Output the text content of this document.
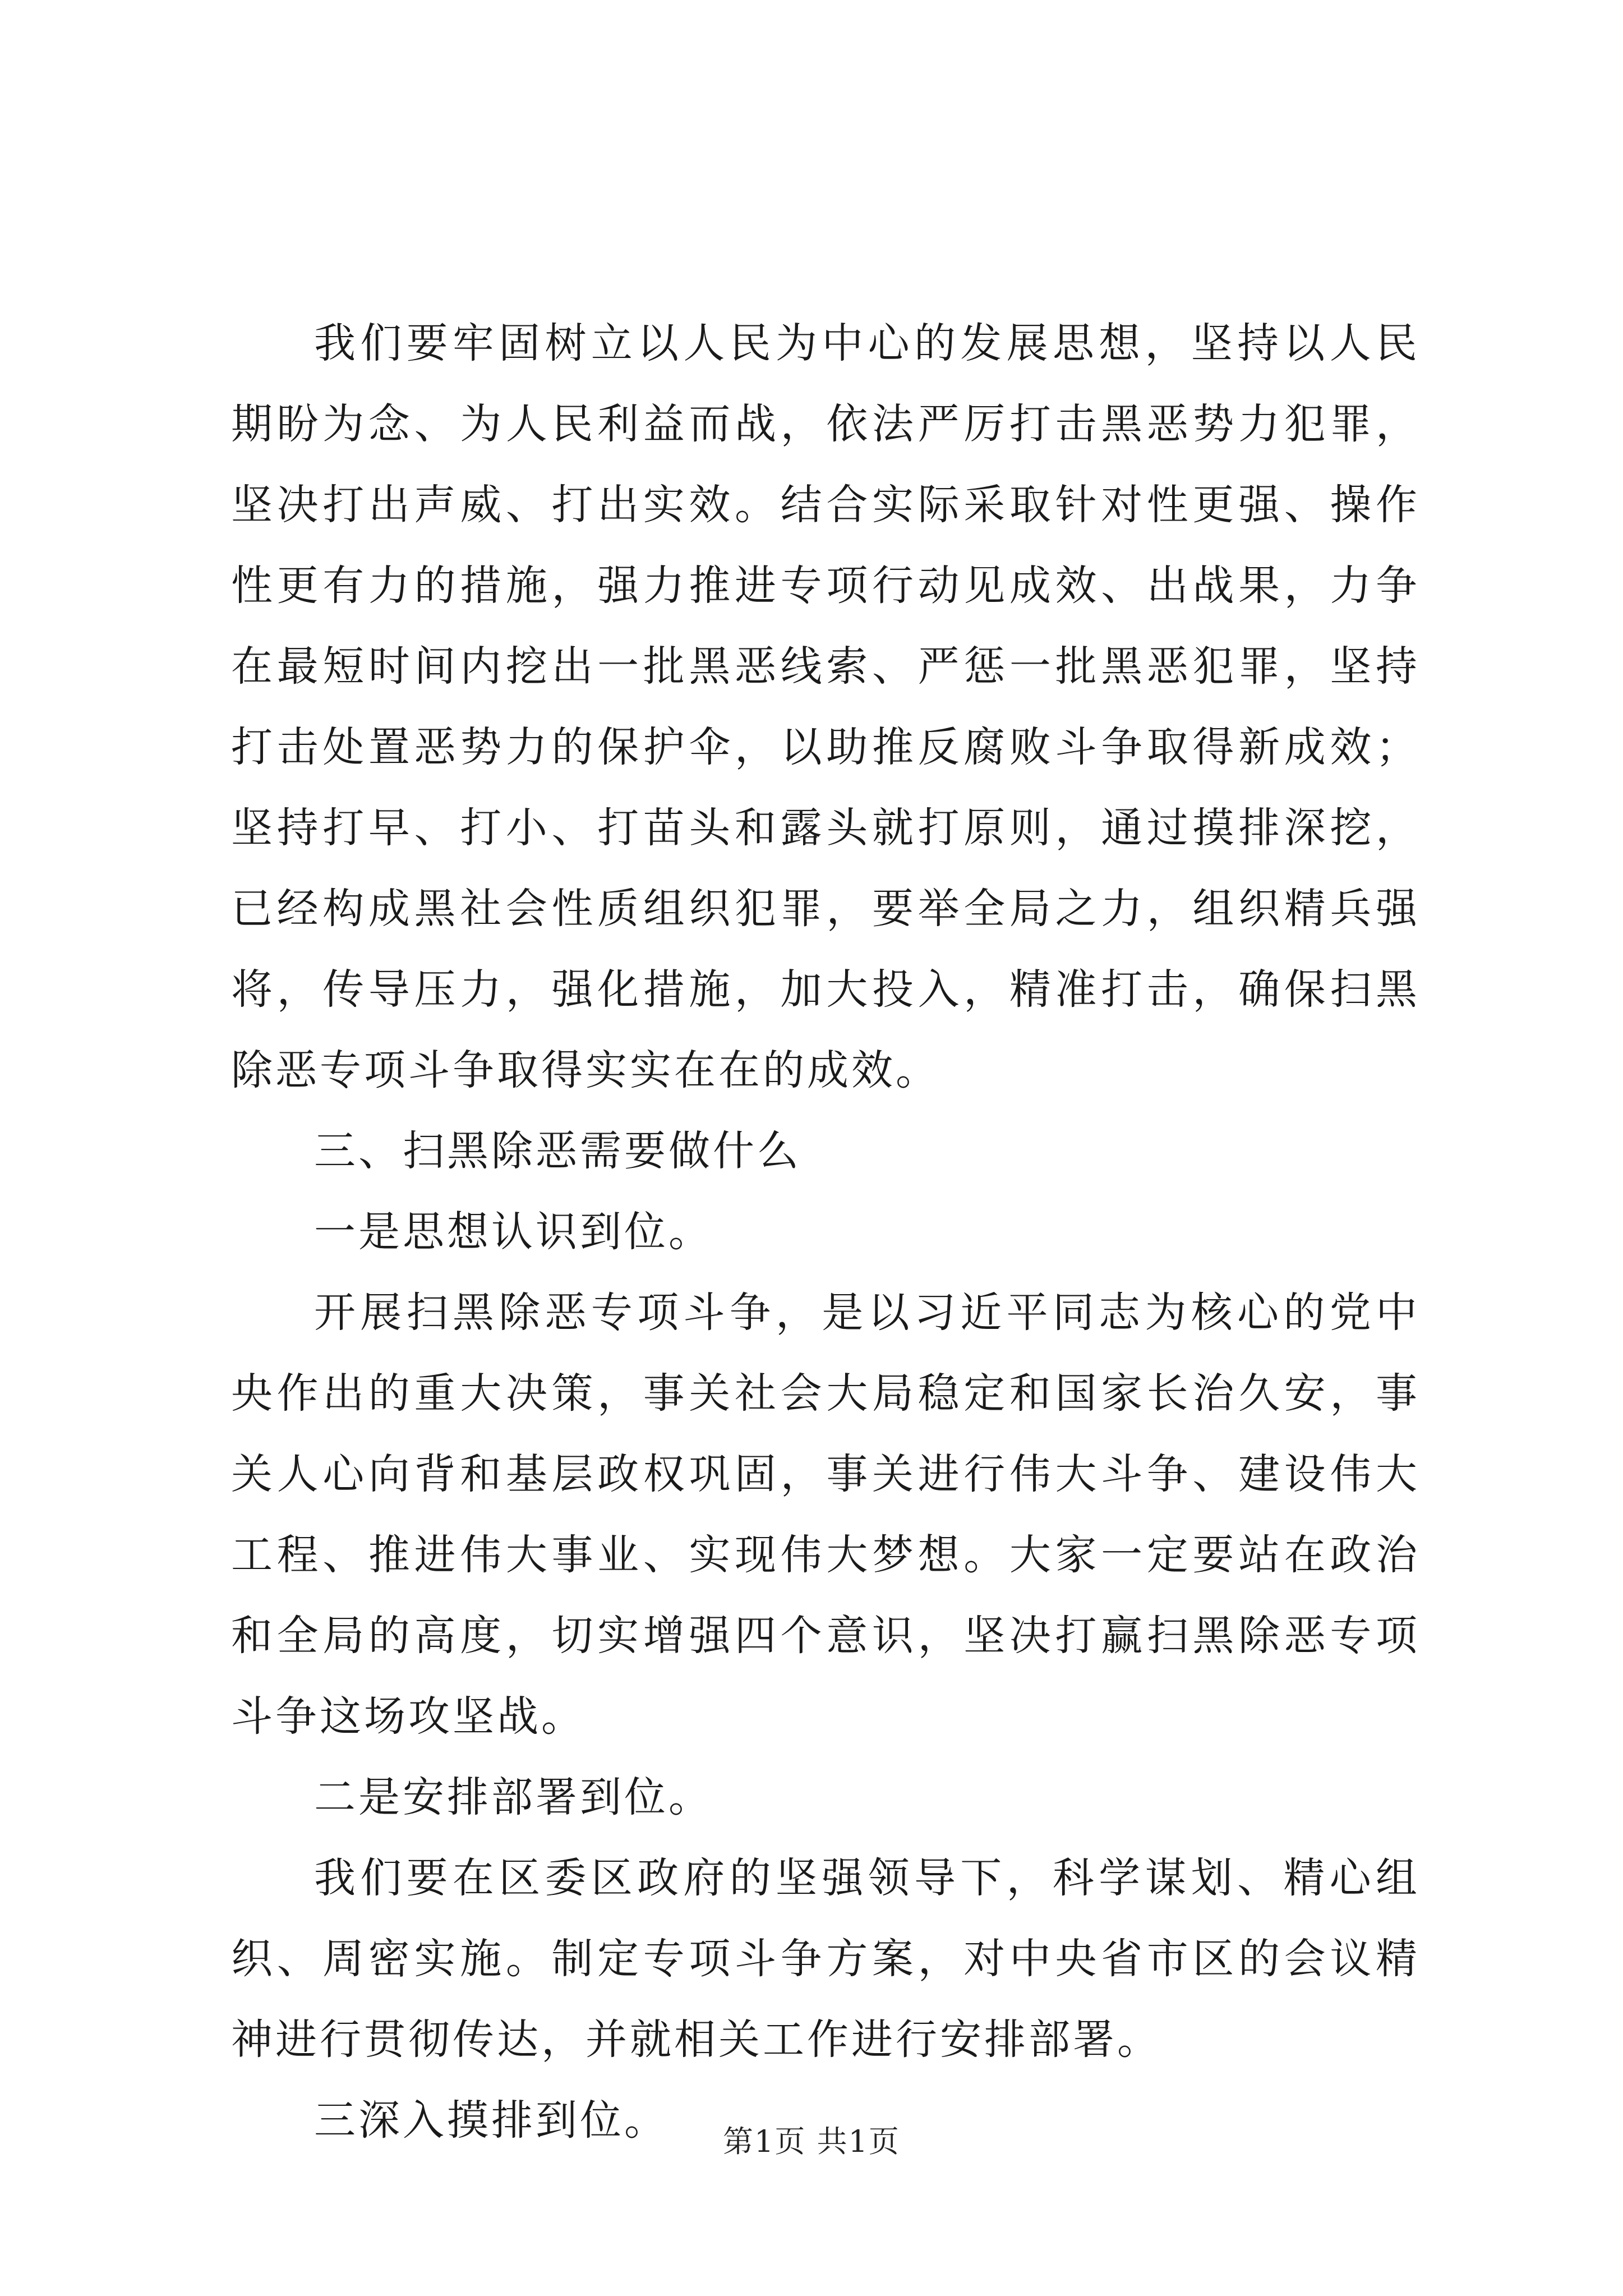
我们要牢固树立以人民为中心的发展思想，坚持以人民期盼为念、为人民利益而战，依法严厉打击黑恶势力犯罪，坚决打出声威、打出实效。结合实际采取针对性更强、操作性更有力的措施，强力推进专项行动见成效、出战果，力争在最短时间内挖出一批黑恶线索、严惩一批黑恶犯罪，坚持打击处置恶势力的保护伞，以助推反腐败斗争取得新成效；坚持打早、打小、打苗头和露头就打原则，通过摸排深挖，已经构成黑社会性质组织犯罪，要举全局之力，组织精兵强将，传导压力，强化措施，加大投入，精准打击，确保扫黑除恶专项斗争取得实实在在的成效。

三、扫黑除恶需要做什么

一是思想认识到位。

开展扫黑除恶专项斗争，是以习近平同志为核心的党中央作出的重大决策，事关社会大局稳定和国家长治久安，事关人心向背和基层政权巩固，事关进行伟大斗争、建设伟大工程、推进伟大事业、实现伟大梦想。大家一定要站在政治和全局的高度，切实增强四个意识，坚决打赢扫黑除恶专项斗争这场攻坚战。

二是安排部署到位。

我们要在区委区政府的坚强领导下，科学谋划、精心组织、周密实施。制定专项斗争方案，对中央省市区的会议精神进行贯彻传达，并就相关工作进行安排部署。

三深入摸排到位。	第1页 共1页
